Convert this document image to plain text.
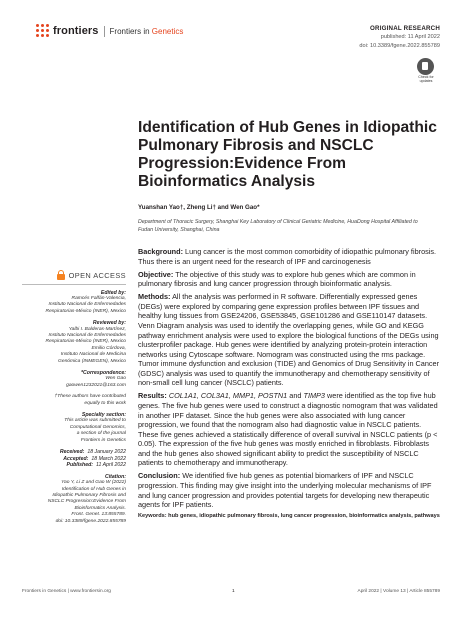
frontiers Frontiers in Genetics	ORIGINAL RESEARCH
published: 11 April 2022
doi: 10.3389/fgene.2022.855789
Check for
updates
Identification of Hub Genes in Idiopathic Pulmonary Fibrosis and NSCLC Progression:Evidence From Bioinformatics Analysis
Yuanshan Yao†, Zheng Li† and Wen Gao*
Department of Thoracic Surgery, Shanghai Key Laboratory of Clinical Geriatric Medicine, HuaDong Hospital Affiliated to Fudan University, Shanghai, China
OPEN ACCESS
Edited by:
Ramcés Falfán-Valencia,
Instituto Nacional de Enfermedades
Respiratorias-México (INER), Mexico
Reviewed by:
Yalbi I. Balderas-Martínez,
Instituto Nacional de Enfermedades
Respiratorias-México (INER), Mexico
Emilio Córdova,
Instituto Nacional de Medicina
Genómica (INMEGEN), Mexico
*Correspondence:
Wen Gao
gaowen1232021@163.com
†These authors have contributed
equally to this work
Specialty section:
This article was submitted to
Computational Genomics,
a section of the journal
Frontiers in Genetics
Received: 18 January 2022
Accepted: 18 March 2022
Published: 11 April 2022
Citation:
Yao Y, Li Z and Gao W (2022)
Identification of Hub Genes in
Idiopathic Pulmonary Fibrosis and
NSCLC Progression:Evidence From
Bioinformatics Analysis.
Front. Genet. 13:855789.
doi: 10.3389/fgene.2022.855789

Background: Lung cancer is the most common comorbidity of idiopathic pulmonary fibrosis. Thus there is an urgent need for the research of IPF and carcinogenesis

Objective: The objective of this study was to explore hub genes which are common in pulmonary fibrosis and lung cancer progression through bioinformatic analysis.

Methods: All the analysis was performed in R software. Differentially expressed genes (DEGs) were explored by comparing gene expression profiles between IPF tissues and healthy lung tissues from GSE24206, GSE53845, GSE101286 and GSE110147 datasets. Venn Diagram analysis was used to identify the overlapping genes, while GO and KEGG pathway enrichment analysis were used to explore the biological functions of the DEGs using clusterprofiler package. Hub genes were identified by analyzing protein-protein interaction networks using Cytoscape software. Nomogram was constructed using the rms package. Tumor immune dysfunction and exclusion (TIDE) and Genomics of Drug Sensitivity in Cancer (GDSC) analysis was used to quantify the immunotherapy and chemotherapy sensitivity of non-small cell lung cancer (NSCLC) patients.

Results: COL1A1, COL3A1, MMP1, POSTN1 and TIMP3 were identified as the top five hub genes. The five hub genes were used to construct a diagnostic nomogram that was validated in another IPF dataset. Since the hub genes were also associated with lung cancer progression, we found that the nomogram also had diagnostic value in NSCLC patients. These five genes achieved a statistically difference of overall survival in NSCLC patients (p < 0.05). The expression of the five hub genes was mostly enriched in fibroblasts. Fibroblasts and the hub genes also showed significant ability to predict the susceptibility of NSCLC patients to chemotherapy and immunotherapy.

Conclusion: We identified five hub genes as potential biomarkers of IPF and NSCLC progression. This finding may give insight into the underlying molecular mechanisms of IPF and lung cancer progression and provides potential targets for developing new therapeutic agents for IPF patients.

Keywords: hub genes, idiopathic pulmonary fibrosis, lung cancer progression, bioinformatics analysis, pathways

Frontiers in Genetics | www.frontiersin.org	1	April 2022 | Volume 13 | Article 855789
